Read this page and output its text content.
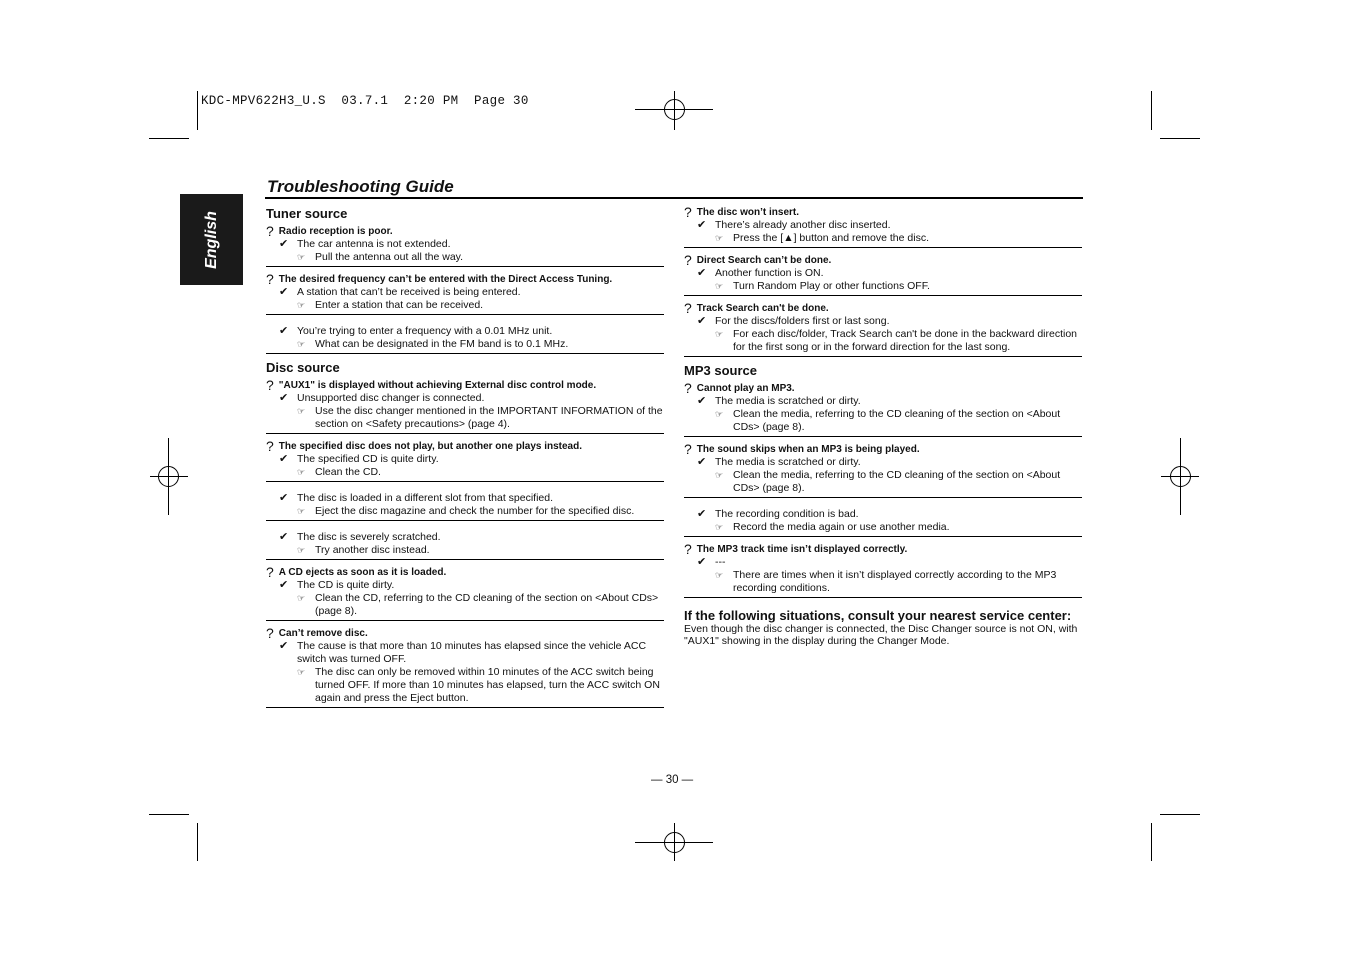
KDC-MPV622H3_U.S  03.7.1  2:20 PM  Page 30
English
Troubleshooting Guide
Tuner source
? Radio reception is poor.
✔ The car antenna is not extended.
☞ Pull the antenna out all the way.
? The desired frequency can’t be entered with the Direct Access Tuning.
✔ A station that can’t be received is being entered.
☞ Enter a station that can be received.
✔ You’re trying to enter a frequency with a 0.01 MHz unit.
☞ What can be designated in the FM band is to 0.1 MHz.
Disc source
? "AUX1" is displayed without achieving External disc control mode.
✔ Unsupported disc changer is connected.
☞ Use the disc changer mentioned in the IMPORTANT INFORMATION of the section on <Safety precautions> (page 4).
? The specified disc does not play, but another one plays instead.
✔ The specified CD is quite dirty.
☞ Clean the CD.
✔ The disc is loaded in a different slot from that specified.
☞ Eject the disc magazine and check the number for the specified disc.
✔ The disc is severely scratched.
☞ Try another disc instead.
? A CD ejects as soon as it is loaded.
✔ The CD is quite dirty.
☞ Clean the CD, referring to the CD cleaning of the section on <About CDs> (page 8).
? Can’t remove disc.
✔ The cause is that more than 10 minutes has elapsed since the vehicle ACC switch was turned OFF.
☞ The disc can only be removed within 10 minutes of the ACC switch being turned OFF. If more than 10 minutes has elapsed, turn the ACC switch ON again and press the Eject button.
? The disc won’t insert.
✔ There’s already another disc inserted.
☞ Press the [▲] button and remove the disc.
? Direct Search can’t be done.
✔ Another function is ON.
☞ Turn Random Play or other functions OFF.
? Track Search can't be done.
✔ For the discs/folders first or last song.
☞ For each disc/folder, Track Search can't be done in the backward direction for the first song or in the forward direction for the last song.
MP3 source
? Cannot play an MP3.
✔ The media is scratched or dirty.
☞ Clean the media, referring to the CD cleaning of the section on <About CDs> (page 8).
? The sound skips when an MP3 is being played.
✔ The media is scratched or dirty.
☞ Clean the media, referring to the CD cleaning of the section on <About CDs> (page 8).
✔ The recording condition is bad.
☞ Record the media again or use another media.
? The MP3 track time isn’t displayed correctly.
✔ ---
☞ There are times when it isn’t displayed correctly according to the MP3 recording conditions.
If the following situations, consult your nearest service center:
Even though the disc changer is connected, the Disc Changer source is not ON, with "AUX1" showing in the display during the Changer Mode.
— 30 —
